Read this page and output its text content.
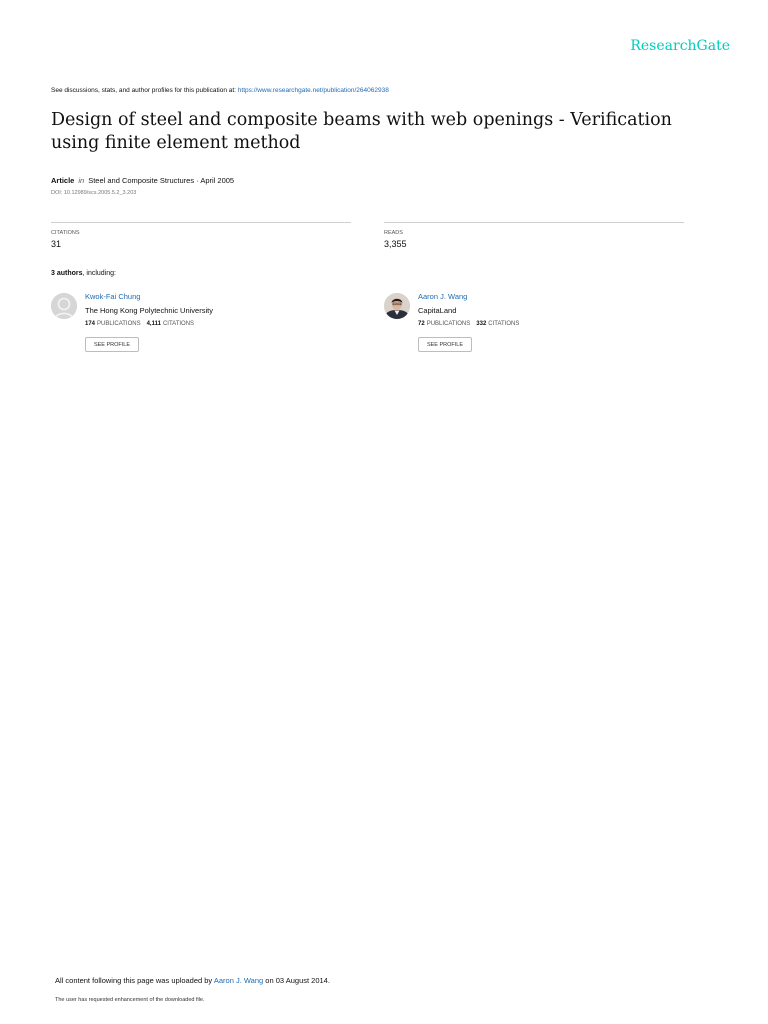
ResearchGate
See discussions, stats, and author profiles for this publication at: https://www.researchgate.net/publication/264062938
Design of steel and composite beams with web openings - Verification using finite element method
Article in Steel and Composite Structures · April 2005
DOI: 10.12989/scs.2005.5.2_3.203
CITATIONS
31
READS
3,355
3 authors, including:
Kwok-Fai Chung
The Hong Kong Polytechnic University
174 PUBLICATIONS 4,111 CITATIONS
SEE PROFILE
Aaron J. Wang
CapitaLand
72 PUBLICATIONS 332 CITATIONS
SEE PROFILE
All content following this page was uploaded by Aaron J. Wang on 03 August 2014.
The user has requested enhancement of the downloaded file.
